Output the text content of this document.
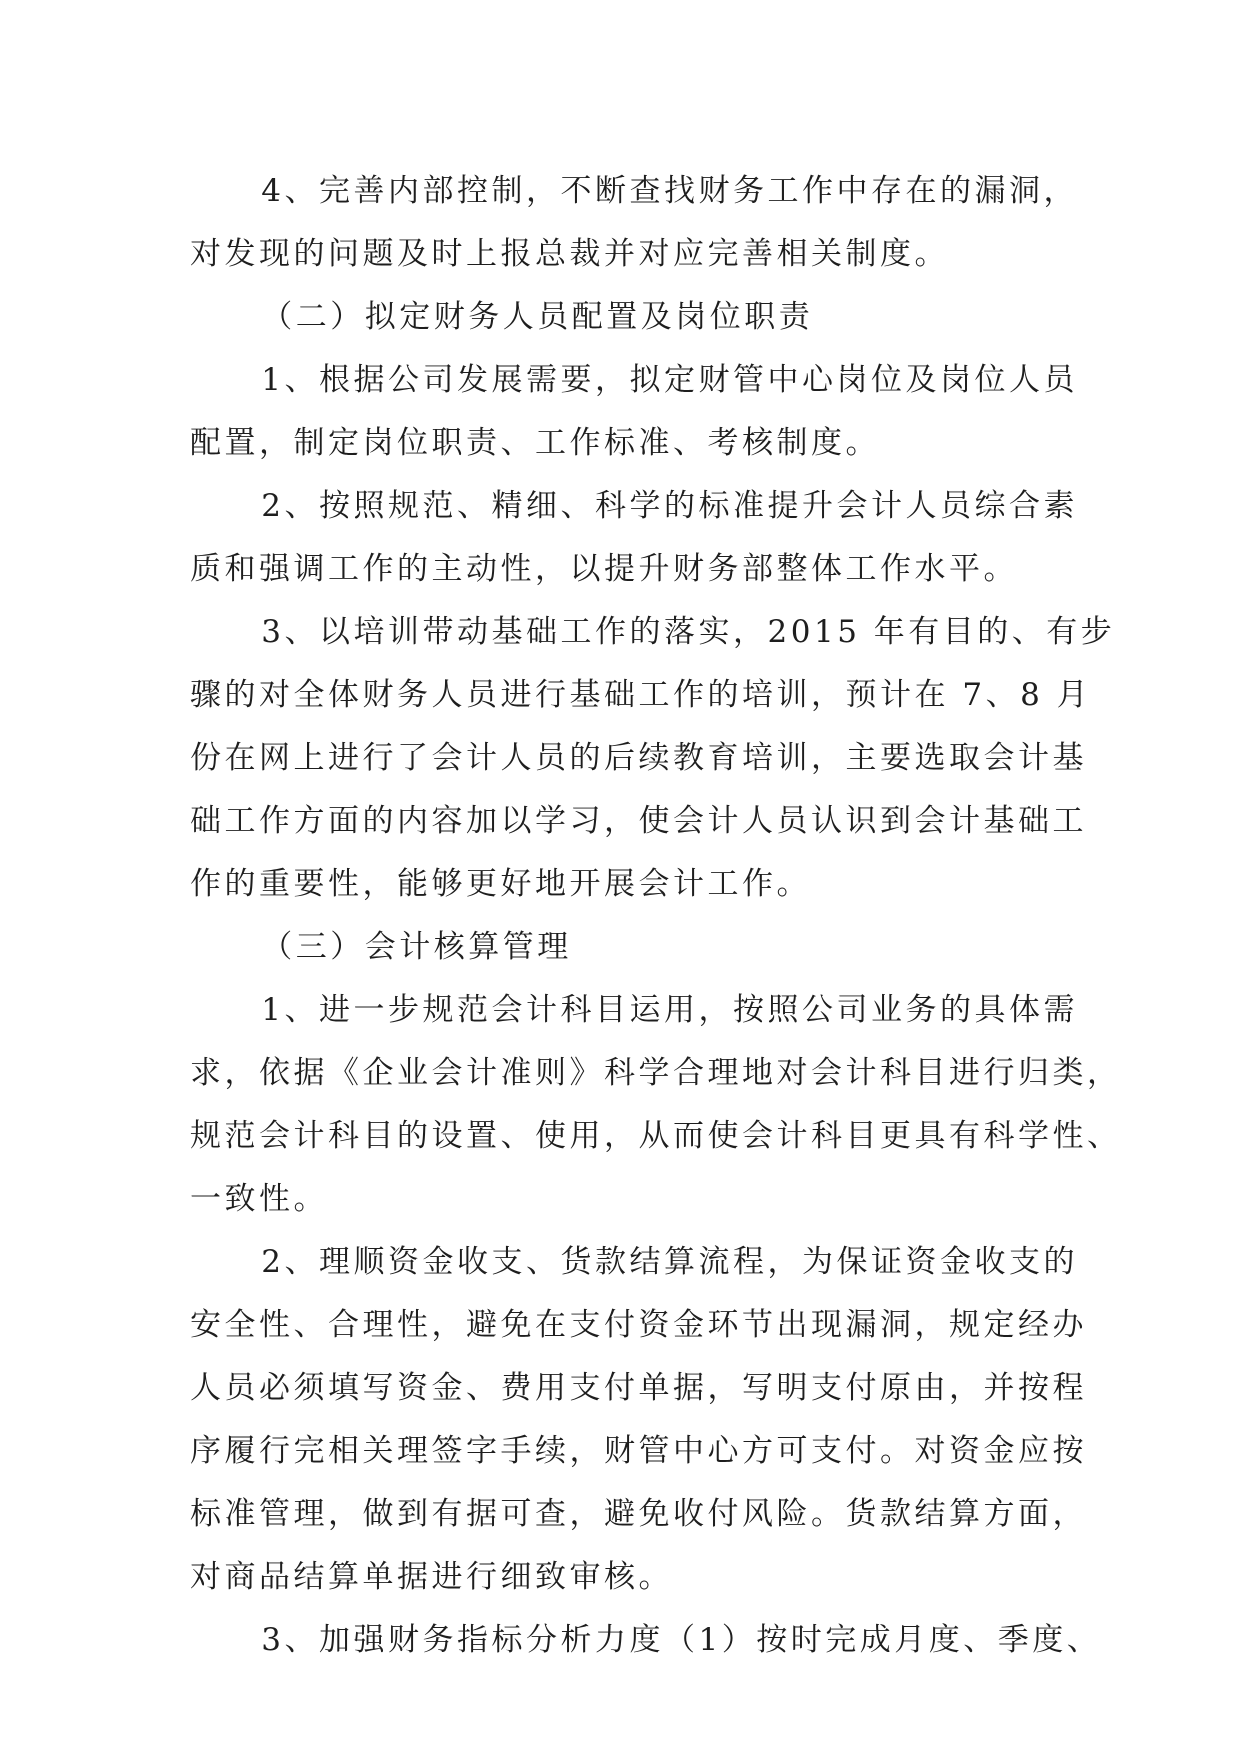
4、完善内部控制，不断查找财务工作中存在的漏洞，
对发现的问题及时上报总裁并对应完善相关制度。

（二）拟定财务人员配置及岗位职责

1、根据公司发展需要，拟定财管中心岗位及岗位人员
配置，制定岗位职责、工作标准、考核制度。

2、按照规范、精细、科学的标准提升会计人员综合素
质和强调工作的主动性，以提升财务部整体工作水平。

3、以培训带动基础工作的落实，2015 年有目的、有步
骤的对全体财务人员进行基础工作的培训，预计在 7、8 月
份在网上进行了会计人员的后续教育培训，主要选取会计基
础工作方面的内容加以学习，使会计人员认识到会计基础工
作的重要性，能够更好地开展会计工作。

（三）会计核算管理

1、进一步规范会计科目运用，按照公司业务的具体需
求，依据《企业会计准则》科学合理地对会计科目进行归类，
规范会计科目的设置、使用，从而使会计科目更具有科学性、
一致性。

2、理顺资金收支、货款结算流程，为保证资金收支的
安全性、合理性，避免在支付资金环节出现漏洞，规定经办
人员必须填写资金、费用支付单据，写明支付原由，并按程
序履行完相关理签字手续，财管中心方可支付。对资金应按
标准管理，做到有据可查，避免收付风险。货款结算方面，
对商品结算单据进行细致审核。

3、加强财务指标分析力度（1）按时完成月度、季度、
